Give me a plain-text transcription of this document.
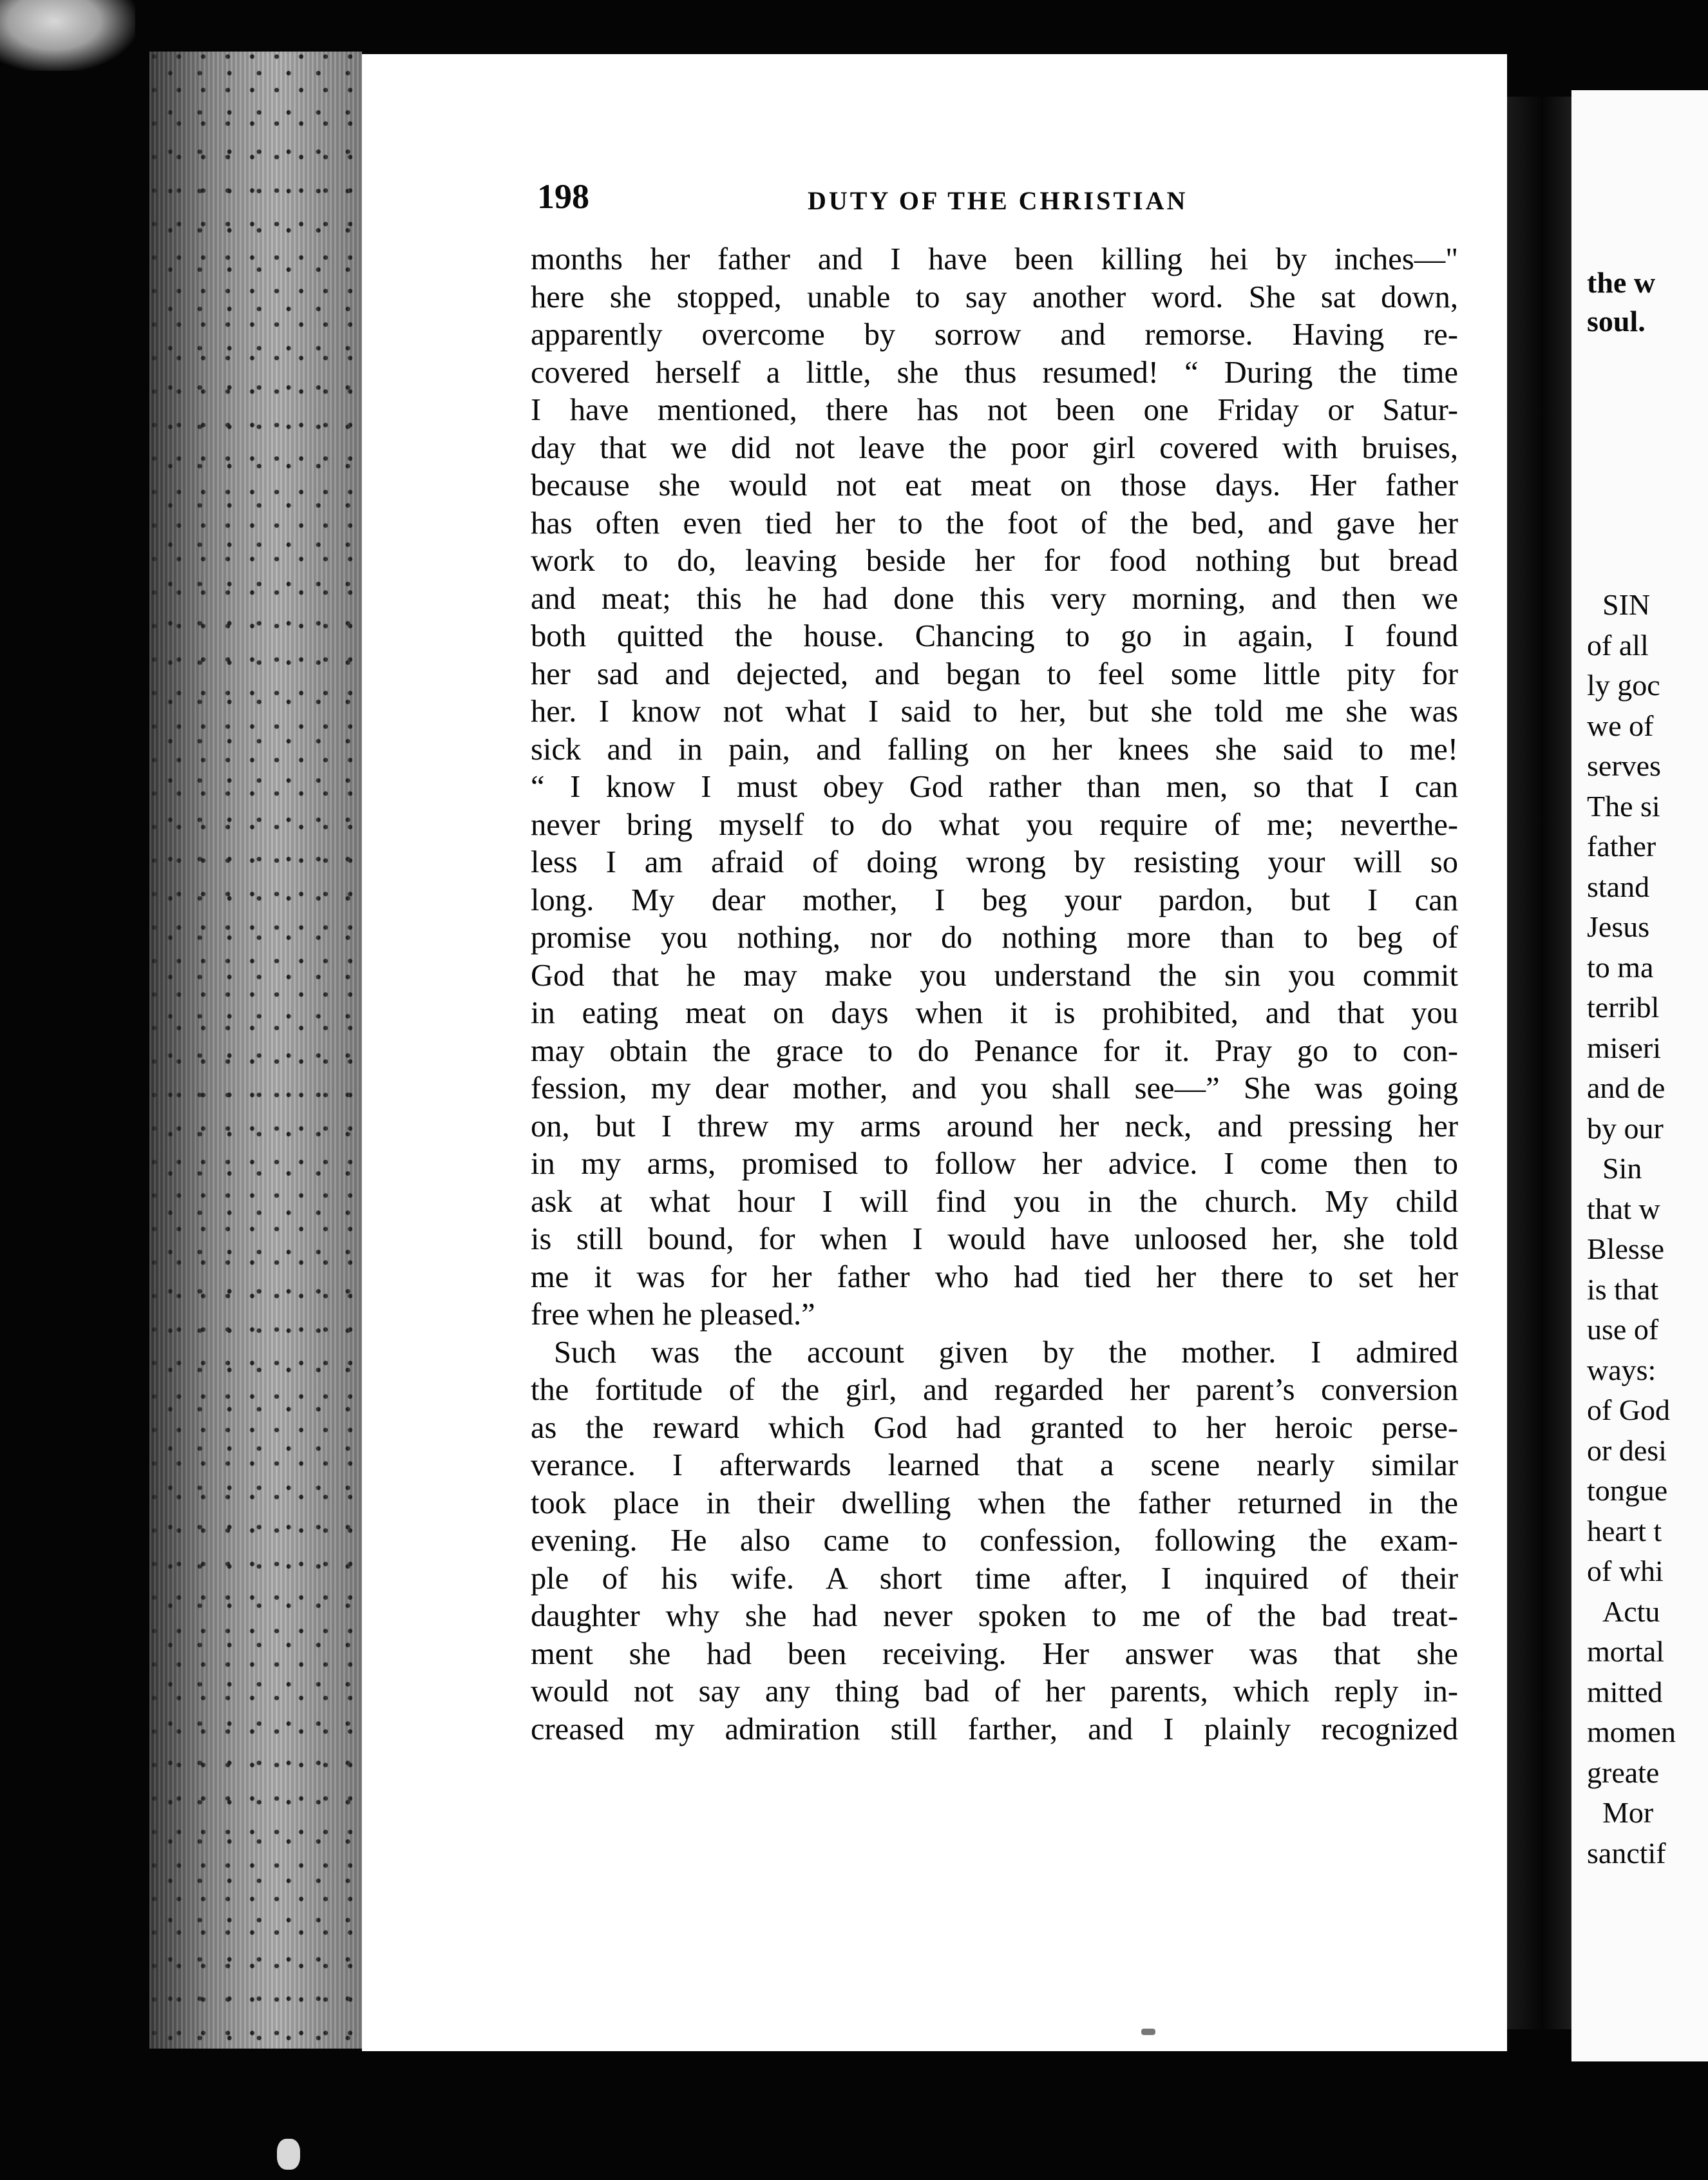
198	DUTY OF THE CHRISTIAN
months her father and I have been killing hei by inches—"
here she stopped, unable to say another word. She sat down,
apparently overcome by sorrow and remorse. Having re-
covered herself a little, she thus resumed! “ During the time
I have mentioned, there has not been one Friday or Satur-
day that we did not leave the poor girl covered with bruises,
because she would not eat meat on those days. Her father
has often even tied her to the foot of the bed, and gave her
work to do, leaving beside her for food nothing but bread
and meat; this he had done this very morning, and then we
both quitted the house. Chancing to go in again, I found
her sad and dejected, and began to feel some little pity for
her. I know not what I said to her, but she told me she was
sick and in pain, and falling on her knees she said to me!
“ I know I must obey God rather than men, so that I can
never bring myself to do what you require of me; neverthe-
less I am afraid of doing wrong by resisting your will so
long. My dear mother, I beg your pardon, but I can
promise you nothing, nor do nothing more than to beg of
God that he may make you understand the sin you commit
in eating meat on days when it is prohibited, and that you
may obtain the grace to do Penance for it. Pray go to con-
fession, my dear mother, and you shall see—” She was going
on, but I threw my arms around her neck, and pressing her
in my arms, promised to follow her advice. I come then to
ask at what hour I will find you in the church. My child
is still bound, for when I would have unloosed her, she told
me it was for her father who had tied her there to set her
free when he pleased.”
Such was the account given by the mother. I admired
the fortitude of the girl, and regarded her parent’s conversion
as the reward which God had granted to her heroic perse-
verance. I afterwards learned that a scene nearly similar
took place in their dwelling when the father returned in the
evening. He also came to confession, following the exam-
ple of his wife. A short time after, I inquired of their
daughter why she had never spoken to me of the bad treat-
ment she had been receiving. Her answer was that she
would not say any thing bad of her parents, which reply in-
creased my admiration still farther, and I plainly recognized
the w
soul.
SIN
of all
ly goc
we of
serves
The si
father
stand
Jesus
to ma
terribl
miseri
and de
by our
Sin
that w
Blesse
is that
use of
ways:
of God
or desi
tongue
heart t
of whi
Actu
mortal
mitted
momen
greate
Mor
sanctif
